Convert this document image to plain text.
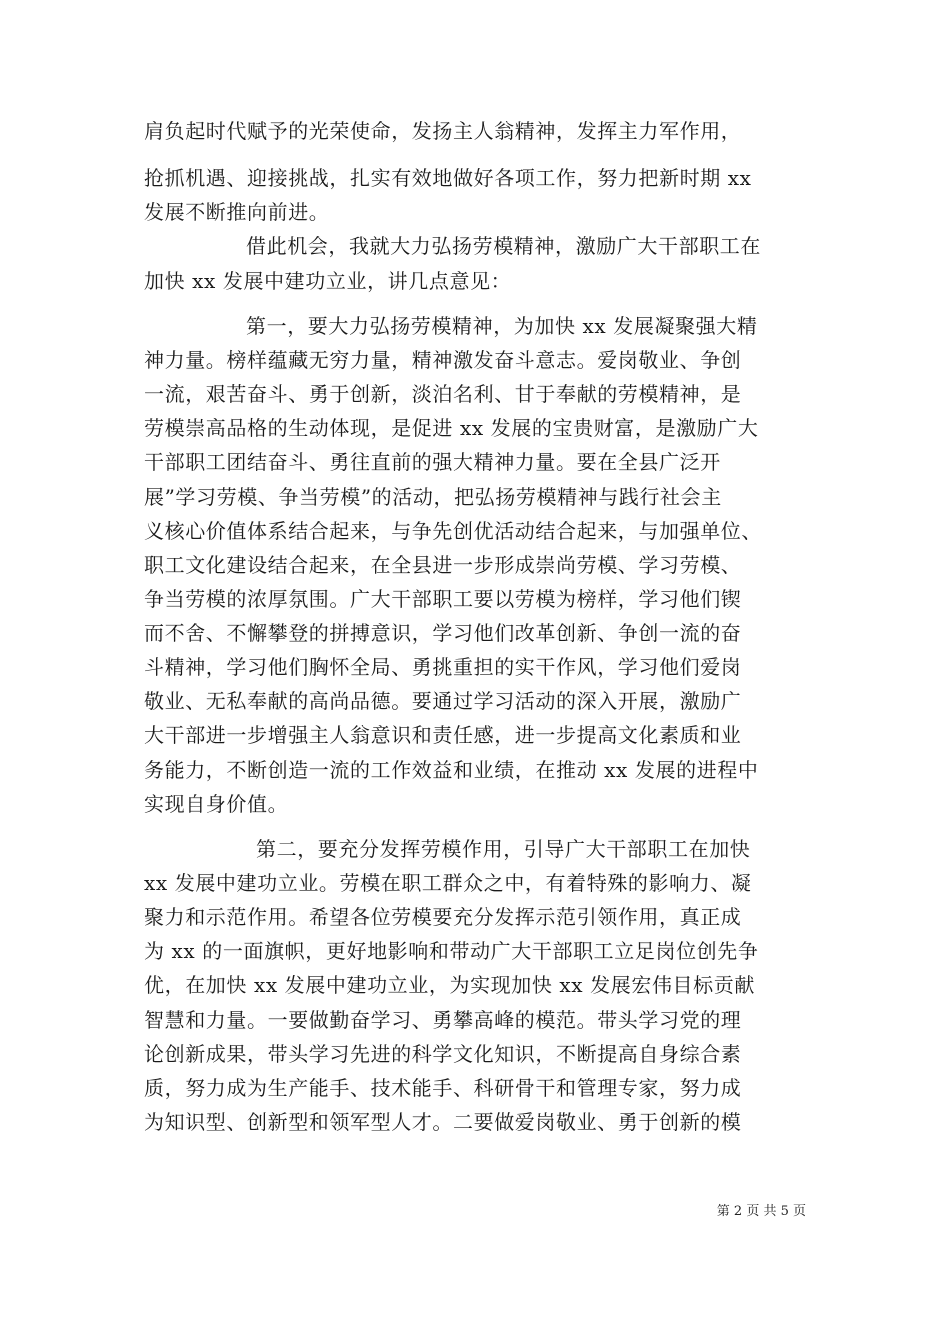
肩负起时代赋予的光荣使命，发扬主人翁精神，发挥主力军作用，
抢抓机遇、迎接挑战，扎实有效地做好各项工作，努力把新时期 xx
发展不断推向前进。
借此机会，我就大力弘扬劳模精神，激励广大干部职工在
加快 xx 发展中建功立业，讲几点意见：
第一，要大力弘扬劳模精神，为加快 xx 发展凝聚强大精
神力量。榜样蕴藏无穷力量，精神激发奋斗意志。爱岗敬业、争创
一流，艰苦奋斗、勇于创新，淡泊名利、甘于奉献的劳模精神，是
劳模崇高品格的生动体现，是促进 xx 发展的宝贵财富，是激励广大
干部职工团结奋斗、勇往直前的强大精神力量。要在全县广泛开
展”学习劳模、争当劳模”的活动，把弘扬劳模精神与践行社会主
义核心价值体系结合起来，与争先创优活动结合起来，与加强单位、
职工文化建设结合起来，在全县进一步形成崇尚劳模、学习劳模、
争当劳模的浓厚氛围。广大干部职工要以劳模为榜样，学习他们锲
而不舍、不懈攀登的拼搏意识，学习他们改革创新、争创一流的奋
斗精神，学习他们胸怀全局、勇挑重担的实干作风，学习他们爱岗
敬业、无私奉献的高尚品德。要通过学习活动的深入开展，激励广
大干部进一步增强主人翁意识和责任感，进一步提高文化素质和业
务能力，不断创造一流的工作效益和业绩，在推动 xx 发展的进程中
实现自身价值。
第二，要充分发挥劳模作用，引导广大干部职工在加快
xx 发展中建功立业。劳模在职工群众之中，有着特殊的影响力、凝
聚力和示范作用。希望各位劳模要充分发挥示范引领作用，真正成
为 xx 的一面旗帜，更好地影响和带动广大干部职工立足岗位创先争
优，在加快 xx 发展中建功立业，为实现加快 xx 发展宏伟目标贡献
智慧和力量。一要做勤奋学习、勇攀高峰的模范。带头学习党的理
论创新成果，带头学习先进的科学文化知识，不断提高自身综合素
质，努力成为生产能手、技术能手、科研骨干和管理专家，努力成
为知识型、创新型和领军型人才。二要做爱岗敬业、勇于创新的模
第 2 页 共 5 页
